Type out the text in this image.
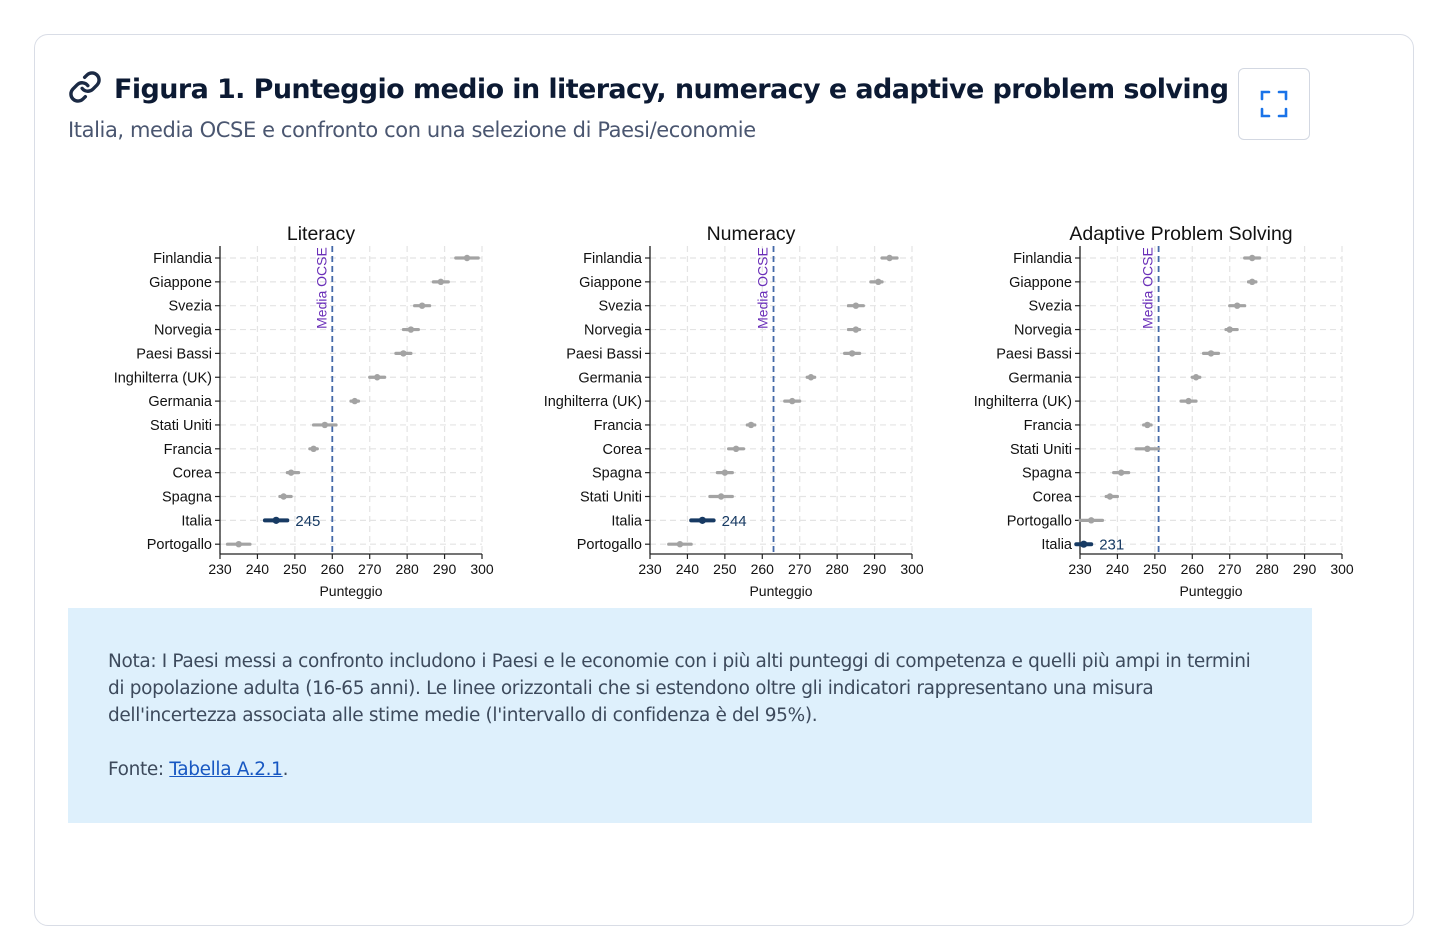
Figura 1. Punteggio medio in literacy, numeracy e adaptive problem solving
Italia, media OCSE e confronto con una selezione di Paesi/economie
Literacy
230 240 250 260 270 280 290 300
Punteggio
Finlandia
Giappone
Svezia
Norvegia
Paesi Bassi
Inghilterra (UK)
Germania
Stati Uniti
Francia
Corea
Spagna
Italia
Portogallo
Media OCSE
245
Numeracy
230 240 250 260 270 280 290 300
Punteggio
Finlandia
Giappone
Svezia
Norvegia
Paesi Bassi
Germania
Inghilterra (UK)
Francia
Corea
Spagna
Stati Uniti
Italia
Portogallo
Media OCSE
244
Adaptive Problem Solving
230 240 250 260 270 280 290 300
Punteggio
Finlandia
Giappone
Svezia
Norvegia
Paesi Bassi
Germania
Inghilterra (UK)
Francia
Stati Uniti
Spagna
Corea
Portogallo
Italia
Media OCSE
231

Nota: I Paesi messi a confronto includono i Paesi e le economie con i più alti punteggi di competenza e quelli più ampi in termini di popolazione adulta (16-65 anni). Le linee orizzontali che si estendono oltre gli indicatori rappresentano una misura dell'incertezza associata alle stime medie (l'intervallo di confidenza è del 95%).

Fonte: Tabella A.2.1.
